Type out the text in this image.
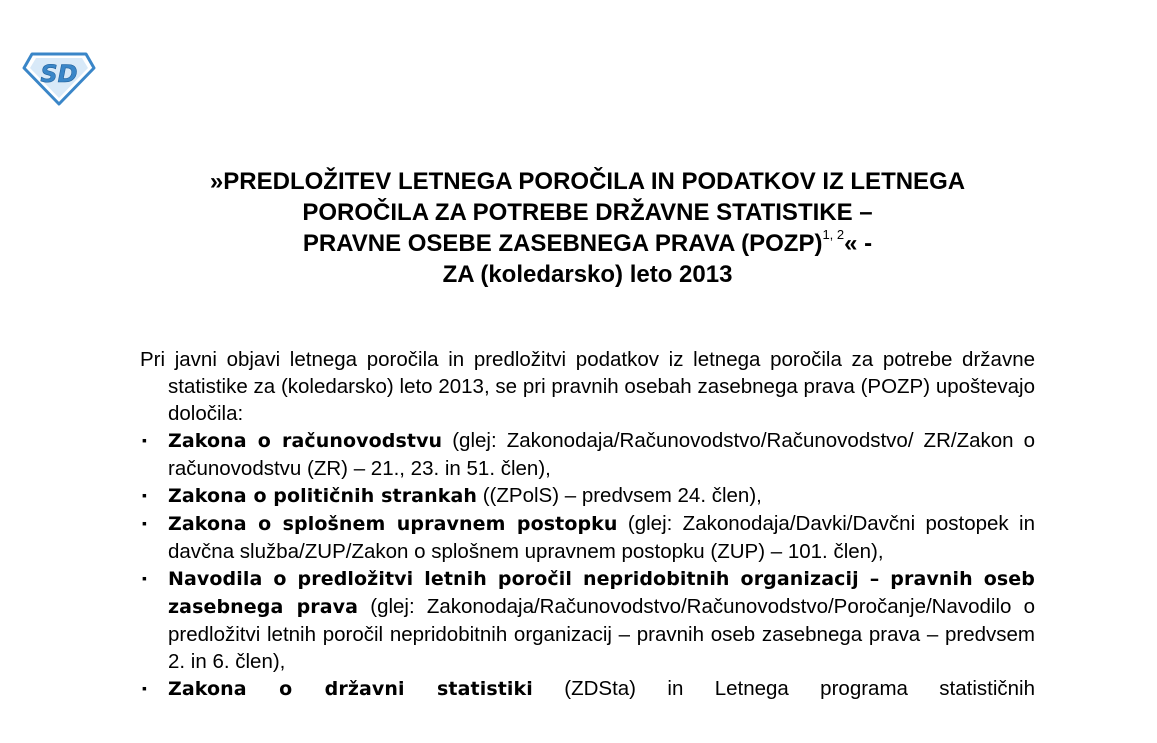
SD
»PREDLOŽITEV LETNEGA POROČILA IN PODATKOV IZ LETNEGA
POROČILA ZA POTREBE DRŽAVNE STATISTIKE –
PRAVNE OSEBE ZASEBNEGA PRAVA (POZP)$^{1, 2}$« -
ZA (koledarsko) leto 2013

Pri javni objavi letnega poročila in predložitvi podatkov iz letnega poročila za potrebe državne statistike za (koledarsko) leto 2013, se pri pravnih osebah zasebnega prava (POZP) upoštevajo določila:

▪ Zakona o računovodstvu (glej: Zakonodaja/Računovodstvo/Računovodstvo/ ZR/Zakon o računovodstvu (ZR) – 21., 23. in 51. člen),
▪ Zakona o političnih strankah ((ZPolS) – predvsem 24. člen),
▪ Zakona o splošnem upravnem postopku (glej: Zakonodaja/Davki/Davčni postopek in davčna služba/ZUP/Zakon o splošnem upravnem postopku (ZUP) – 101. člen),
▪ Navodila o predložitvi letnih poročil nepridobitnih organizacij – pravnih oseb zasebnega prava (glej: Zakonodaja/Računovodstvo/Računovodstvo/Poročanje/Navodilo o predložitvi letnih poročil nepridobitnih organizacij – pravnih oseb zasebnega prava – predvsem 2. in 6. člen),
▪ Zakona o državni statistiki (ZDSta) in Letnega programa statističnih
